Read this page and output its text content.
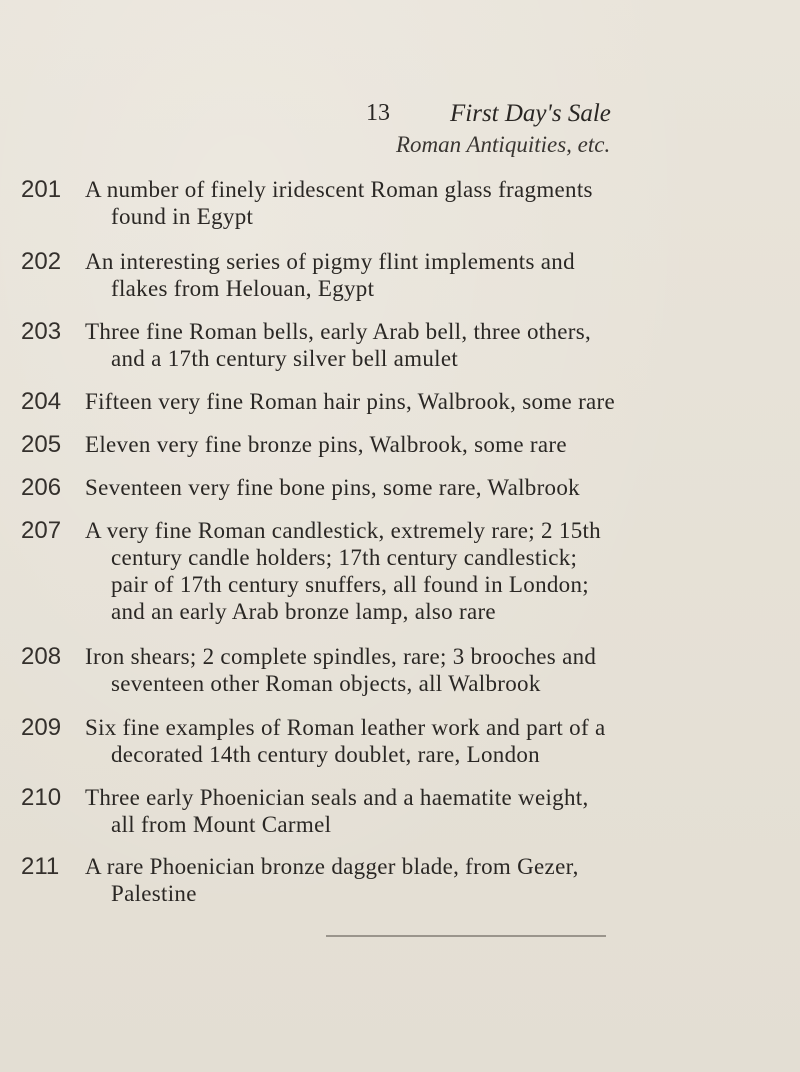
13 First Day's Sale
Roman Antiquities, etc.
201 A number of finely iridescent Roman glass fragments
found in Egypt
202 An interesting series of pigmy flint implements and
flakes from Helouan, Egypt
203 Three fine Roman bells, early Arab bell, three others,
and a 17th century silver bell amulet
204 Fifteen very fine Roman hair pins, Walbrook, some rare
205 Eleven very fine bronze pins, Walbrook, some rare
206 Seventeen very fine bone pins, some rare, Walbrook
207 A very fine Roman candlestick, extremely rare; 2 15th
century candle holders; 17th century candlestick;
pair of 17th century snuffers, all found in London;
and an early Arab bronze lamp, also rare
208 Iron shears; 2 complete spindles, rare; 3 brooches and
seventeen other Roman objects, all Walbrook
209 Six fine examples of Roman leather work and part of a
decorated 14th century doublet, rare, London
210 Three early Phoenician seals and a haematite weight,
all from Mount Carmel
211 A rare Phoenician bronze dagger blade, from Gezer,
Palestine
